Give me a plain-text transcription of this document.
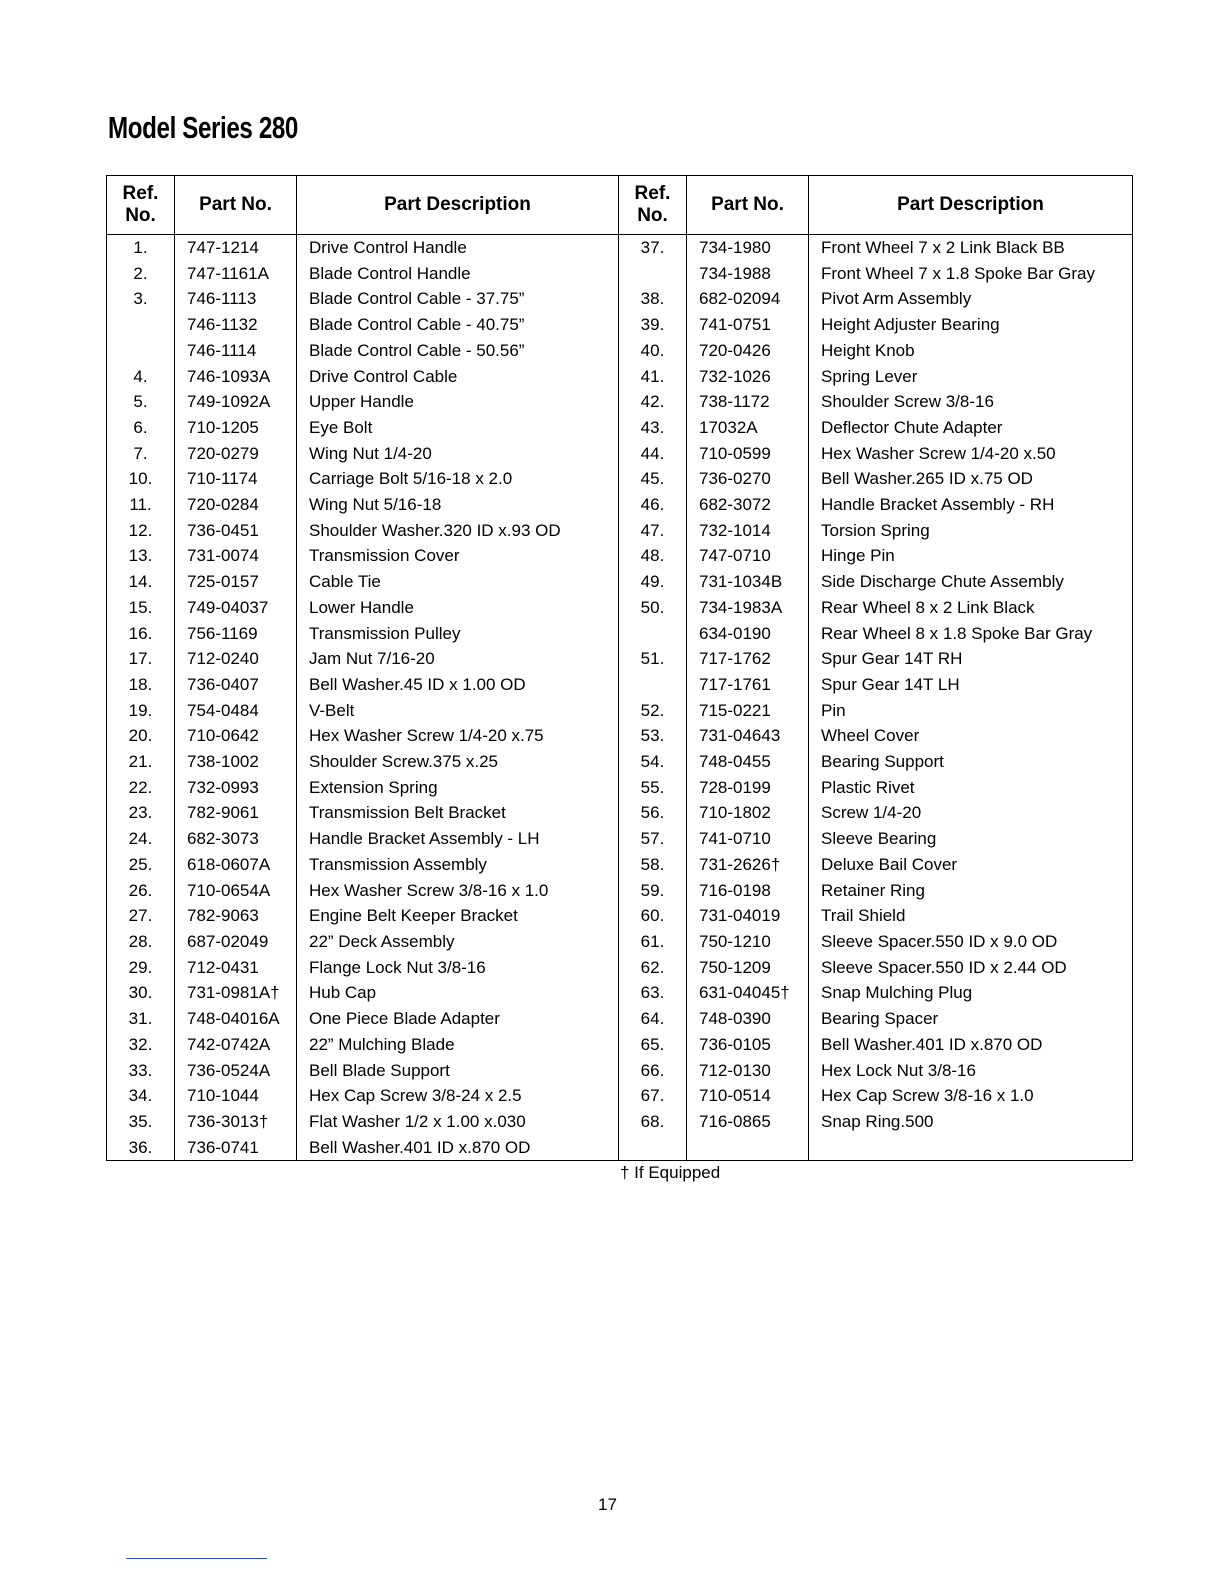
Model Series 280
Ref.
No.	Part No.	Part Description	Ref.
No.	Part No.	Part Description
1.	747-1214	Drive Control Handle	37.	734-1980	Front Wheel 7 x 2 Link Black BB
2.	747-1161A	Blade Control Handle		734-1988	Front Wheel 7 x 1.8 Spoke Bar Gray
3.	746-1113	Blade Control Cable - 37.75”	38.	682-02094	Pivot Arm Assembly
	746-1132	Blade Control Cable - 40.75”	39.	741-0751	Height Adjuster Bearing
	746-1114	Blade Control Cable - 50.56”	40.	720-0426	Height Knob
4.	746-1093A	Drive Control Cable	41.	732-1026	Spring Lever
5.	749-1092A	Upper Handle	42.	738-1172	Shoulder Screw 3/8-16
6.	710-1205	Eye Bolt	43.	17032A	Deflector Chute Adapter
7.	720-0279	Wing Nut 1/4-20	44.	710-0599	Hex Washer Screw 1/4-20 x.50
10.	710-1174	Carriage Bolt 5/16-18 x 2.0	45.	736-0270	Bell Washer.265 ID x.75 OD
11.	720-0284	Wing Nut 5/16-18	46.	682-3072	Handle Bracket Assembly - RH
12.	736-0451	Shoulder Washer.320 ID x.93 OD	47.	732-1014	Torsion Spring
13.	731-0074	Transmission Cover	48.	747-0710	Hinge Pin
14.	725-0157	Cable Tie	49.	731-1034B	Side Discharge Chute Assembly
15.	749-04037	Lower Handle	50.	734-1983A	Rear Wheel 8 x 2 Link Black
16.	756-1169	Transmission Pulley		634-0190	Rear Wheel 8 x 1.8 Spoke Bar Gray
17.	712-0240	Jam Nut 7/16-20	51.	717-1762	Spur Gear 14T RH
18.	736-0407	Bell Washer.45 ID x 1.00 OD		717-1761	Spur Gear 14T LH
19.	754-0484	V-Belt	52.	715-0221	Pin
20.	710-0642	Hex Washer Screw 1/4-20 x.75	53.	731-04643	Wheel Cover
21.	738-1002	Shoulder Screw.375 x.25	54.	748-0455	Bearing Support
22.	732-0993	Extension Spring	55.	728-0199	Plastic Rivet
23.	782-9061	Transmission Belt Bracket	56.	710-1802	Screw 1/4-20
24.	682-3073	Handle Bracket Assembly - LH	57.	741-0710	Sleeve Bearing
25.	618-0607A	Transmission Assembly	58.	731-2626†	Deluxe Bail Cover
26.	710-0654A	Hex Washer Screw 3/8-16 x 1.0	59.	716-0198	Retainer Ring
27.	782-9063	Engine Belt Keeper Bracket	60.	731-04019	Trail Shield
28.	687-02049	22” Deck Assembly	61.	750-1210	Sleeve Spacer.550 ID x 9.0 OD
29.	712-0431	Flange Lock Nut 3/8-16	62.	750-1209	Sleeve Spacer.550 ID x 2.44 OD
30.	731-0981A†	Hub Cap	63.	631-04045†	Snap Mulching Plug
31.	748-04016A	One Piece Blade Adapter	64.	748-0390	Bearing Spacer
32.	742-0742A	22” Mulching Blade	65.	736-0105	Bell Washer.401 ID x.870 OD
33.	736-0524A	Bell Blade Support	66.	712-0130	Hex Lock Nut 3/8-16
34.	710-1044	Hex Cap Screw 3/8-24 x 2.5	67.	710-0514	Hex Cap Screw 3/8-16 x 1.0
35.	736-3013†	Flat Washer 1/2 x 1.00 x.030	68.	716-0865	Snap Ring.500
36.	736-0741	Bell Washer.401 ID x.870 OD			
† If Equipped
17
